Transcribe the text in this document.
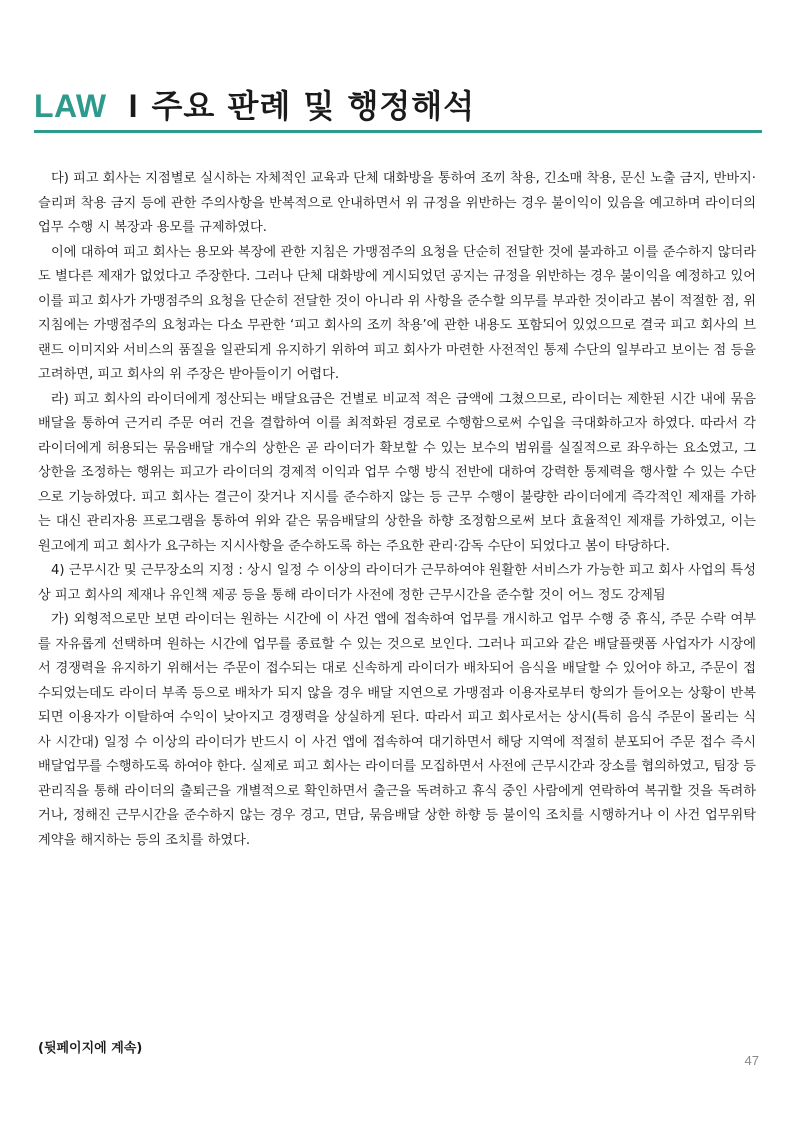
LAW I 주요 판례 및 행정해석

다) 피고 회사는 지점별로 실시하는 자체적인 교육과 단체 대화방을 통하여 조끼 착용, 긴소매 착용, 문신 노출 금지, 반바지·슬리퍼 착용 금지 등에 관한 주의사항을 반복적으로 안내하면서 위 규정을 위반하는 경우 불이익이 있음을 예고하며 라이더의 업무 수행 시 복장과 용모를 규제하였다.

이에 대하여 피고 회사는 용모와 복장에 관한 지침은 가맹점주의 요청을 단순히 전달한 것에 불과하고 이를 준수하지 않더라도 별다른 제재가 없었다고 주장한다. 그러나 단체 대화방에 게시되었던 공지는 규정을 위반하는 경우 불이익을 예정하고 있어 이를 피고 회사가 가맹점주의 요청을 단순히 전달한 것이 아니라 위 사항을 준수할 의무를 부과한 것이라고 봄이 적절한 점, 위 지침에는 가맹점주의 요청과는 다소 무관한 ‘피고 회사의 조끼 착용’에 관한 내용도 포함되어 있었으므로 결국 피고 회사의 브랜드 이미지와 서비스의 품질을 일관되게 유지하기 위하여 피고 회사가 마련한 사전적인 통제 수단의 일부라고 보이는 점 등을 고려하면, 피고 회사의 위 주장은 받아들이기 어렵다.

라) 피고 회사의 라이더에게 정산되는 배달요금은 건별로 비교적 적은 금액에 그쳤으므로, 라이더는 제한된 시간 내에 묶음배달을 통하여 근거리 주문 여러 건을 결합하여 이를 최적화된 경로로 수행함으로써 수입을 극대화하고자 하였다. 따라서 각 라이더에게 허용되는 묶음배달 개수의 상한은 곧 라이더가 확보할 수 있는 보수의 범위를 실질적으로 좌우하는 요소였고, 그 상한을 조정하는 행위는 피고가 라이더의 경제적 이익과 업무 수행 방식 전반에 대하여 강력한 통제력을 행사할 수 있는 수단으로 기능하였다. 피고 회사는 결근이 잦거나 지시를 준수하지 않는 등 근무 수행이 불량한 라이더에게 즉각적인 제재를 가하는 대신 관리자용 프로그램을 통하여 위와 같은 묶음배달의 상한을 하향 조정함으로써 보다 효율적인 제재를 가하였고, 이는 원고에게 피고 회사가 요구하는 지시사항을 준수하도록 하는 주요한 관리·감독 수단이 되었다고 봄이 타당하다.

4) 근무시간 및 근무장소의 지정 : 상시 일정 수 이상의 라이더가 근무하여야 원활한 서비스가 가능한 피고 회사 사업의 특성상 피고 회사의 제재나 유인책 제공 등을 통해 라이더가 사전에 정한 근무시간을 준수할 것이 어느 정도 강제됨

가) 외형적으로만 보면 라이더는 원하는 시간에 이 사건 앱에 접속하여 업무를 개시하고 업무 수행 중 휴식, 주문 수락 여부를 자유롭게 선택하며 원하는 시간에 업무를 종료할 수 있는 것으로 보인다. 그러나 피고와 같은 배달플랫폼 사업자가 시장에서 경쟁력을 유지하기 위해서는 주문이 접수되는 대로 신속하게 라이더가 배차되어 음식을 배달할 수 있어야 하고, 주문이 접수되었는데도 라이더 부족 등으로 배차가 되지 않을 경우 배달 지연으로 가맹점과 이용자로부터 항의가 들어오는 상황이 반복되면 이용자가 이탈하여 수익이 낮아지고 경쟁력을 상실하게 된다. 따라서 피고 회사로서는 상시(특히 음식 주문이 몰리는 식사 시간대) 일정 수 이상의 라이더가 반드시 이 사건 앱에 접속하여 대기하면서 해당 지역에 적절히 분포되어 주문 접수 즉시 배달업무를 수행하도록 하여야 한다. 실제로 피고 회사는 라이더를 모집하면서 사전에 근무시간과 장소를 협의하였고, 팀장 등 관리직을 통해 라이더의 출퇴근을 개별적으로 확인하면서 출근을 독려하고 휴식 중인 사람에게 연락하여 복귀할 것을 독려하거나, 정해진 근무시간을 준수하지 않는 경우 경고, 면담, 묶음배달 상한 하향 등 불이익 조치를 시행하거나 이 사건 업무위탁계약을 해지하는 등의 조치를 하였다.

(뒷페이지에 계속)
47
